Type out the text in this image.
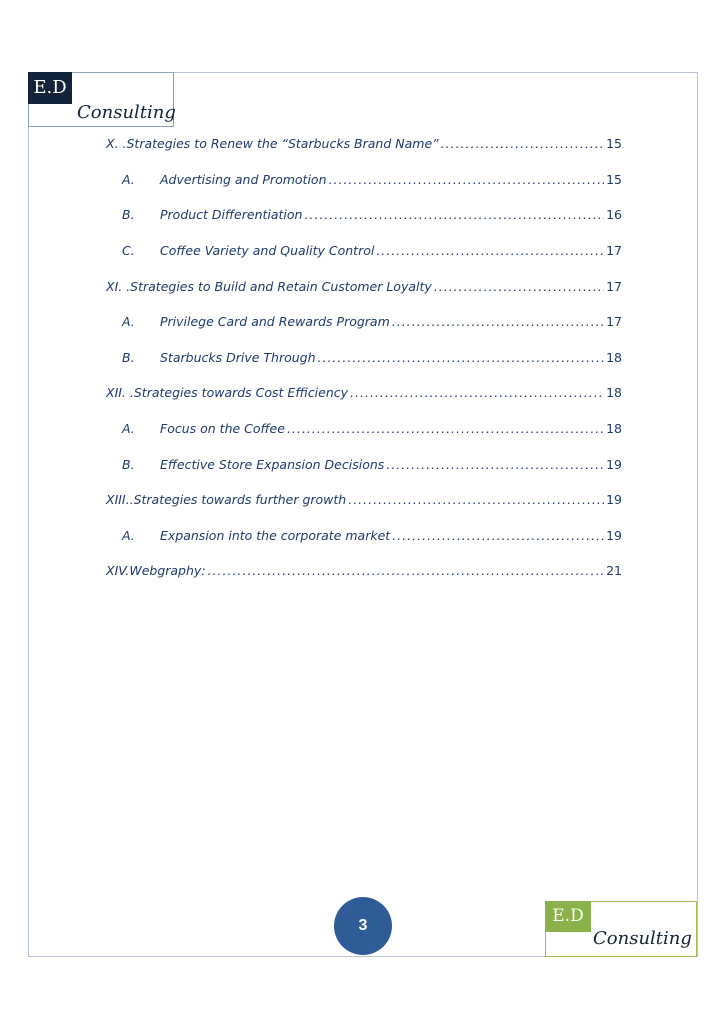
E.D
Consulting
X. .Strategies to Renew the “Starbucks Brand Name” .....	15
A.	Advertising and Promotion .....	15
B.	Product Differentiation .....	16
C.	Coffee Variety and Quality Control .....	17
XI. .Strategies to Build and Retain Customer Loyalty .....	17
A.	Privilege Card and Rewards Program .....	17
B.	Starbucks Drive Through .....	18
XII. .Strategies towards Cost Efficiency .....	18
A.	Focus on the Coffee .....	18
B.	Effective Store Expansion Decisions .....	19
XIII..Strategies towards further growth .....	19
A.	Expansion into the corporate market .....	19
XIV. Webgraphy: .....	21
3	E.D
Consulting
